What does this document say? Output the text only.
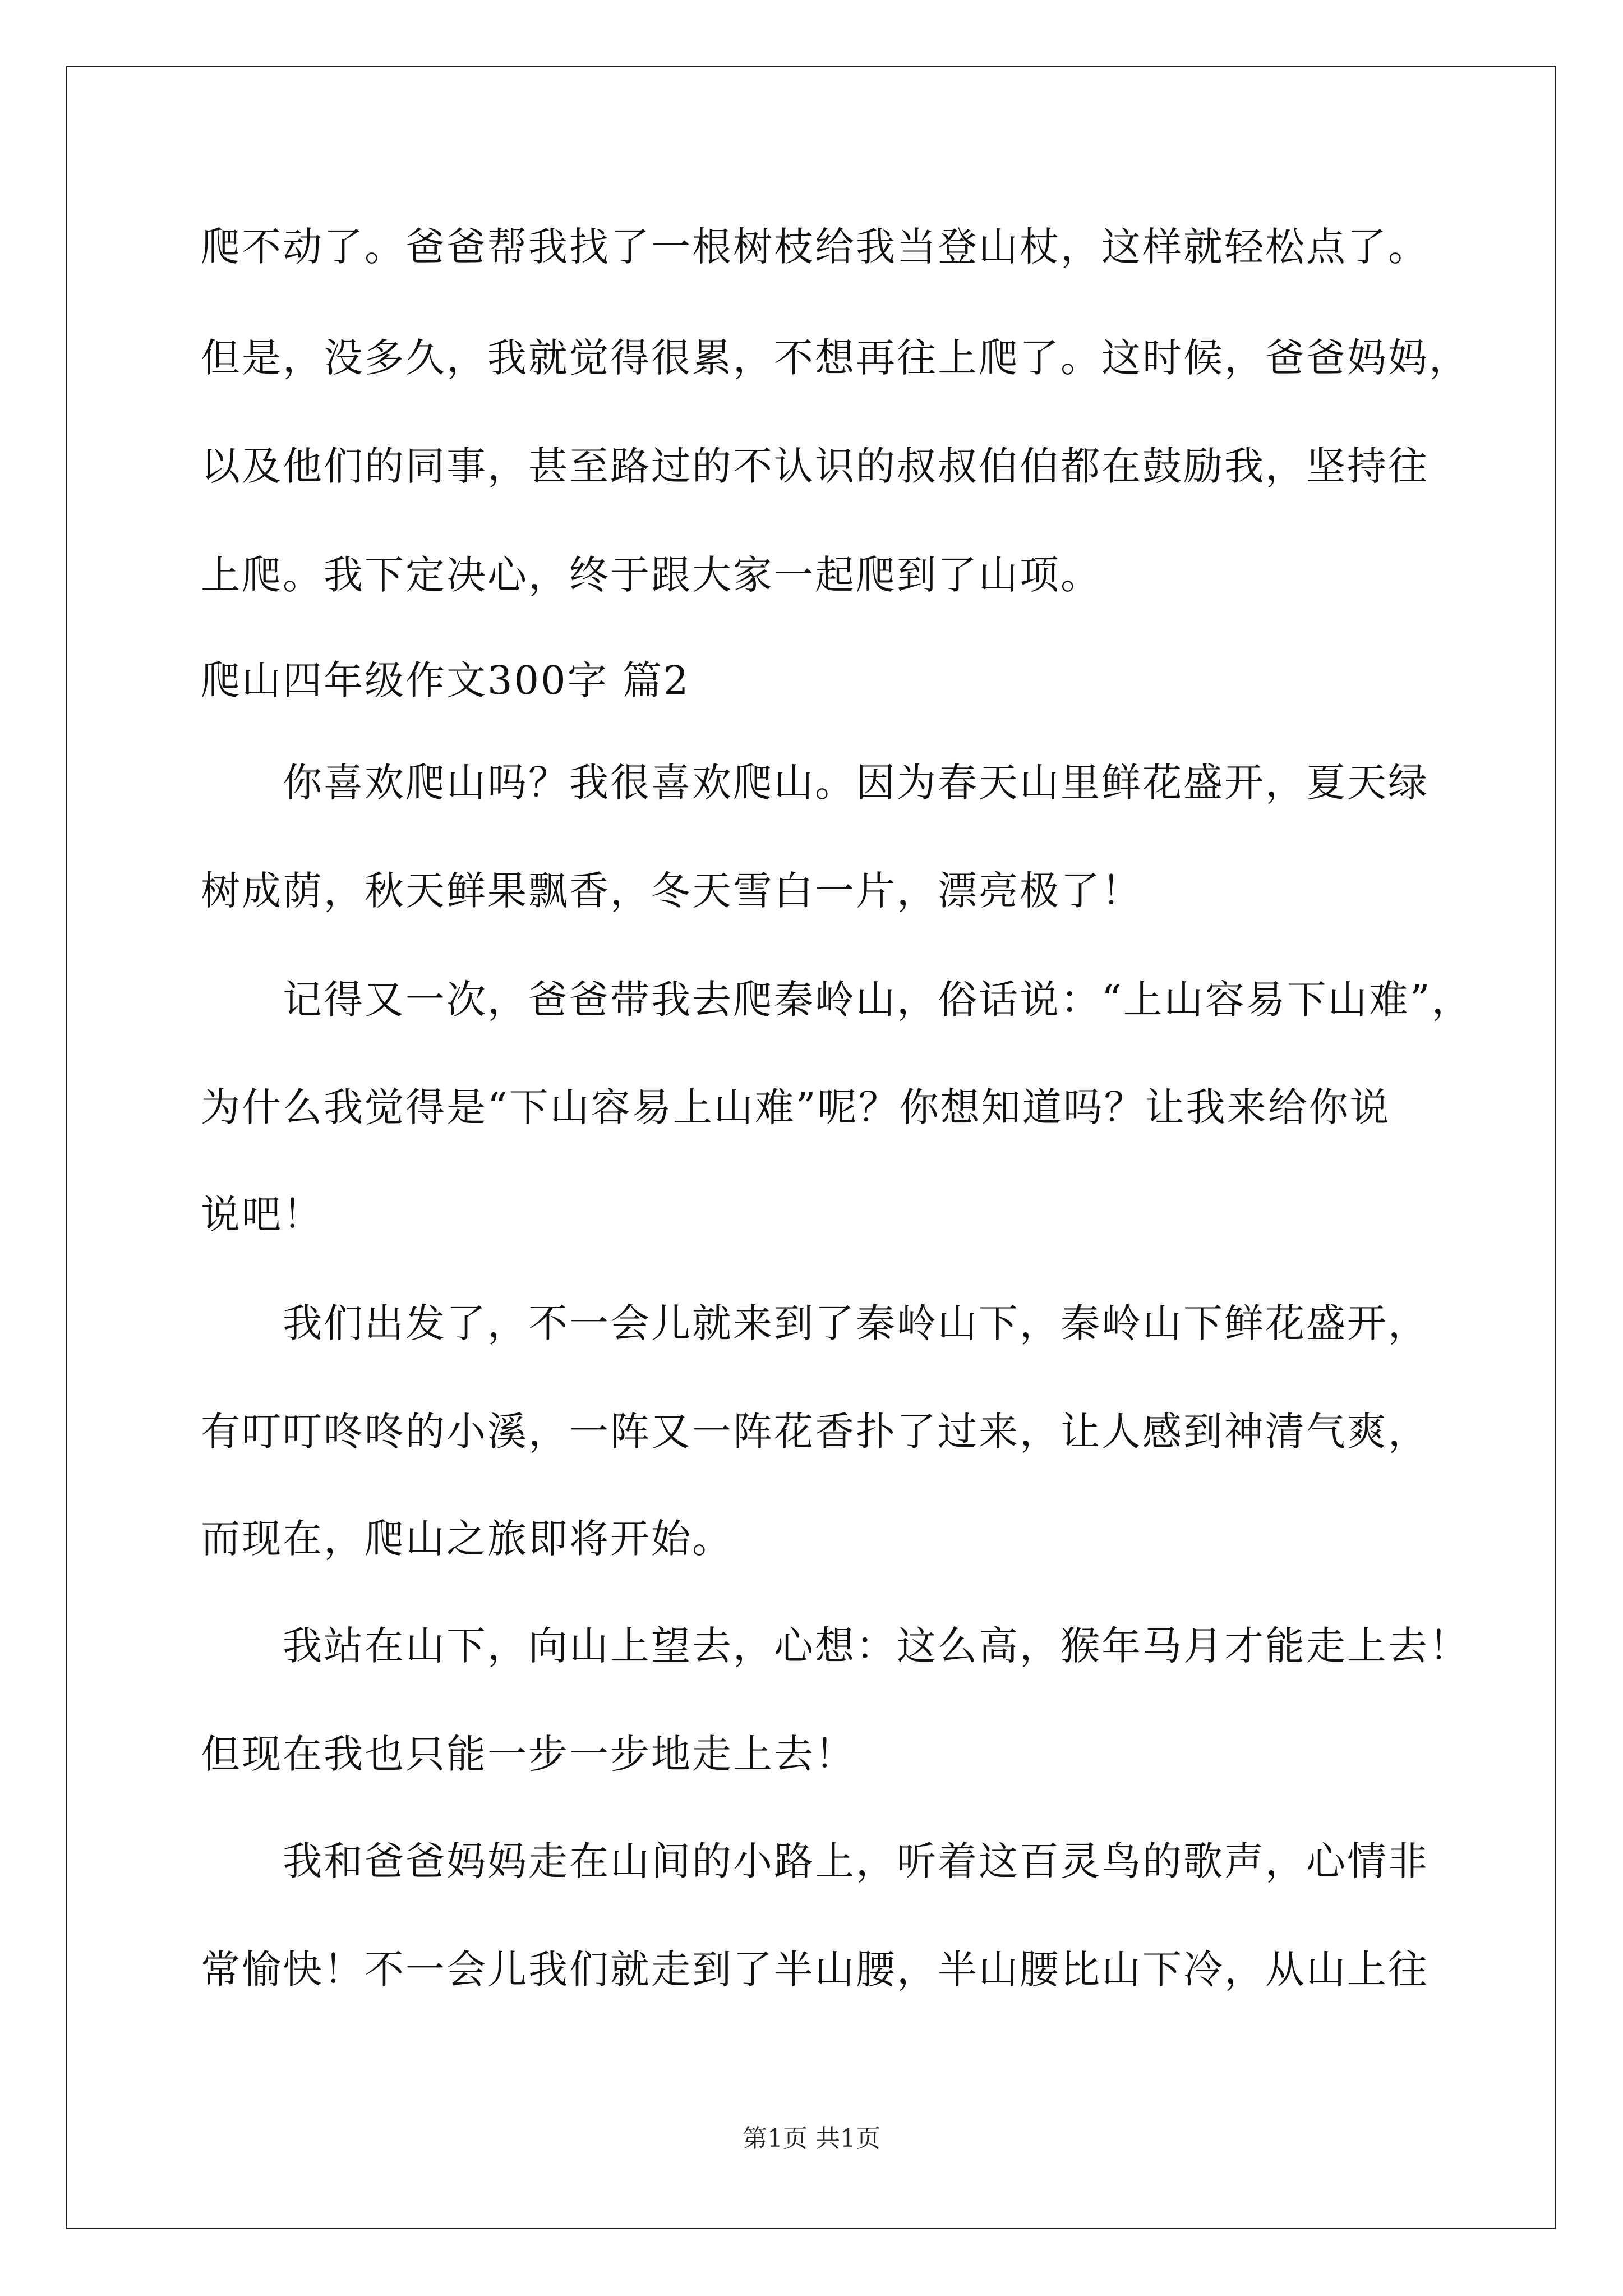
爬不动了。爸爸帮我找了一根树枝给我当登山杖，这样就轻松点了。
但是，没多久，我就觉得很累，不想再往上爬了。这时候，爸爸妈妈，
以及他们的同事，甚至路过的不认识的叔叔伯伯都在鼓励我，坚持往
上爬。我下定决心，终于跟大家一起爬到了山项。
爬山四年级作文300字 篇2
你喜欢爬山吗？我很喜欢爬山。因为春天山里鲜花盛开，夏天绿
树成荫，秋天鲜果飘香，冬天雪白一片，漂亮极了！
记得又一次，爸爸带我去爬秦岭山，俗话说：“上山容易下山难”，
为什么我觉得是“下山容易上山难”呢？你想知道吗？让我来给你说
说吧！
我们出发了，不一会儿就来到了秦岭山下，秦岭山下鲜花盛开，
有叮叮咚咚的小溪，一阵又一阵花香扑了过来，让人感到神清气爽，
而现在，爬山之旅即将开始。
我站在山下，向山上望去，心想：这么高，猴年马月才能走上去！
但现在我也只能一步一步地走上去！
我和爸爸妈妈走在山间的小路上，听着这百灵鸟的歌声，心情非
常愉快！不一会儿我们就走到了半山腰，半山腰比山下冷，从山上往
第1页 共1页
